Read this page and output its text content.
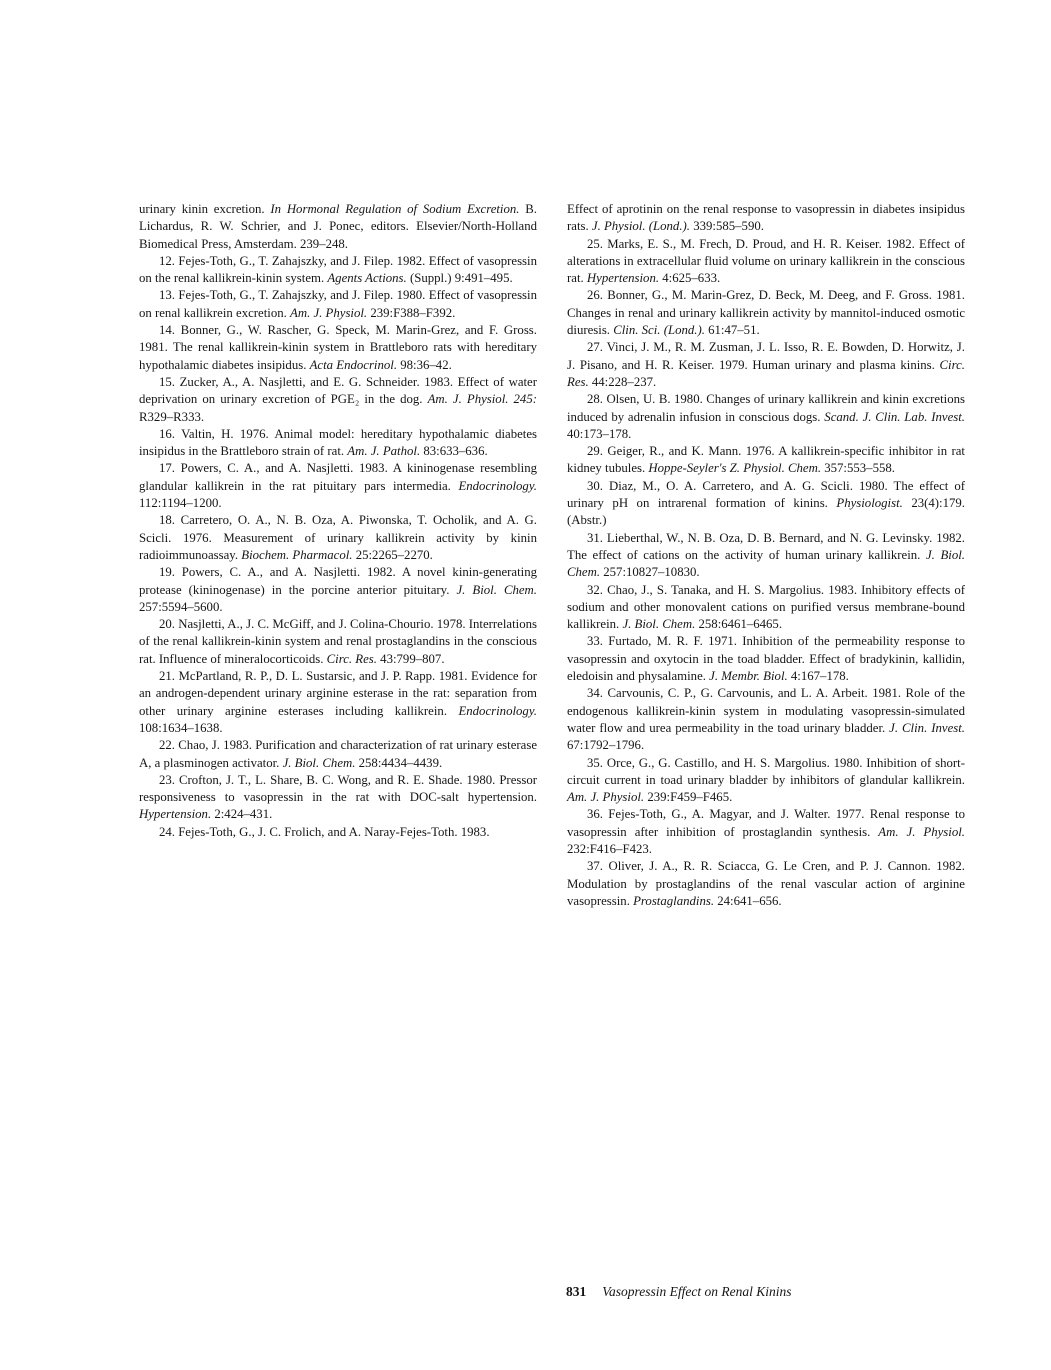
urinary kinin excretion. In Hormonal Regulation of Sodium Excretion. B. Lichardus, R. W. Schrier, and J. Ponec, editors. Elsevier/North-Holland Biomedical Press, Amsterdam. 239–248.

12. Fejes-Toth, G., T. Zahajszky, and J. Filep. 1982. Effect of vasopressin on the renal kallikrein-kinin system. Agents Actions. (Suppl.) 9:491–495.

13. Fejes-Toth, G., T. Zahajszky, and J. Filep. 1980. Effect of vasopressin on renal kallikrein excretion. Am. J. Physiol. 239:F388–F392.

14. Bonner, G., W. Rascher, G. Speck, M. Marin-Grez, and F. Gross. 1981. The renal kallikrein-kinin system in Brattleboro rats with hereditary hypothalamic diabetes insipidus. Acta Endocrinol. 98:36–42.

15. Zucker, A., A. Nasjletti, and E. G. Schneider. 1983. Effect of water deprivation on urinary excretion of PGE₂ in the dog. Am. J. Physiol. 245: R329–R333.

16. Valtin, H. 1976. Animal model: hereditary hypothalamic diabetes insipidus in the Brattleboro strain of rat. Am. J. Pathol. 83:633–636.

17. Powers, C. A., and A. Nasjletti. 1983. A kininogenase resembling glandular kallikrein in the rat pituitary pars intermedia. Endocrinology. 112:1194–1200.

18. Carretero, O. A., N. B. Oza, A. Piwonska, T. Ocholik, and A. G. Scicli. 1976. Measurement of urinary kallikrein activity by kinin radioimmunoassay. Biochem. Pharmacol. 25:2265–2270.

19. Powers, C. A., and A. Nasjletti. 1982. A novel kinin-generating protease (kininogenase) in the porcine anterior pituitary. J. Biol. Chem. 257:5594–5600.

20. Nasjletti, A., J. C. McGiff, and J. Colina-Chourio. 1978. Interrelations of the renal kallikrein-kinin system and renal prostaglandins in the conscious rat. Influence of mineralocorticoids. Circ. Res. 43:799–807.

21. McPartland, R. P., D. L. Sustarsic, and J. P. Rapp. 1981. Evidence for an androgen-dependent urinary arginine esterase in the rat: separation from other urinary arginine esterases including kallikrein. Endocrinology. 108:1634–1638.

22. Chao, J. 1983. Purification and characterization of rat urinary esterase A, a plasminogen activator. J. Biol. Chem. 258:4434–4439.

23. Crofton, J. T., L. Share, B. C. Wong, and R. E. Shade. 1980. Pressor responsiveness to vasopressin in the rat with DOC-salt hypertension. Hypertension. 2:424–431.

24. Fejes-Toth, G., J. C. Frolich, and A. Naray-Fejes-Toth. 1983.

Effect of aprotinin on the renal response to vasopressin in diabetes insipidus rats. J. Physiol. (Lond.). 339:585–590.

25. Marks, E. S., M. Frech, D. Proud, and H. R. Keiser. 1982. Effect of alterations in extracellular fluid volume on urinary kallikrein in the conscious rat. Hypertension. 4:625–633.

26. Bonner, G., M. Marin-Grez, D. Beck, M. Deeg, and F. Gross. 1981. Changes in renal and urinary kallikrein activity by mannitol-induced osmotic diuresis. Clin. Sci. (Lond.). 61:47–51.

27. Vinci, J. M., R. M. Zusman, J. L. Isso, R. E. Bowden, D. Horwitz, J. J. Pisano, and H. R. Keiser. 1979. Human urinary and plasma kinins. Circ. Res. 44:228–237.

28. Olsen, U. B. 1980. Changes of urinary kallikrein and kinin excretions induced by adrenalin infusion in conscious dogs. Scand. J. Clin. Lab. Invest. 40:173–178.

29. Geiger, R., and K. Mann. 1976. A kallikrein-specific inhibitor in rat kidney tubules. Hoppe-Seyler's Z. Physiol. Chem. 357:553–558.

30. Diaz, M., O. A. Carretero, and A. G. Scicli. 1980. The effect of urinary pH on intrarenal formation of kinins. Physiologist. 23(4):179. (Abstr.)

31. Lieberthal, W., N. B. Oza, D. B. Bernard, and N. G. Levinsky. 1982. The effect of cations on the activity of human urinary kallikrein. J. Biol. Chem. 257:10827–10830.

32. Chao, J., S. Tanaka, and H. S. Margolius. 1983. Inhibitory effects of sodium and other monovalent cations on purified versus membrane-bound kallikrein. J. Biol. Chem. 258:6461–6465.

33. Furtado, M. R. F. 1971. Inhibition of the permeability response to vasopressin and oxytocin in the toad bladder. Effect of bradykinin, kallidin, eledoisin and physalamine. J. Membr. Biol. 4:167–178.

34. Carvounis, C. P., G. Carvounis, and L. A. Arbeit. 1981. Role of the endogenous kallikrein-kinin system in modulating vasopressin-simulated water flow and urea permeability in the toad urinary bladder. J. Clin. Invest. 67:1792–1796.

35. Orce, G., G. Castillo, and H. S. Margolius. 1980. Inhibition of short-circuit current in toad urinary bladder by inhibitors of glandular kallikrein. Am. J. Physiol. 239:F459–F465.

36. Fejes-Toth, G., A. Magyar, and J. Walter. 1977. Renal response to vasopressin after inhibition of prostaglandin synthesis. Am. J. Physiol. 232:F416–F423.

37. Oliver, J. A., R. R. Sciacca, G. Le Cren, and P. J. Cannon. 1982. Modulation by prostaglandins of the renal vascular action of arginine vasopressin. Prostaglandins. 24:641–656.

831 Vasopressin Effect on Renal Kinins
